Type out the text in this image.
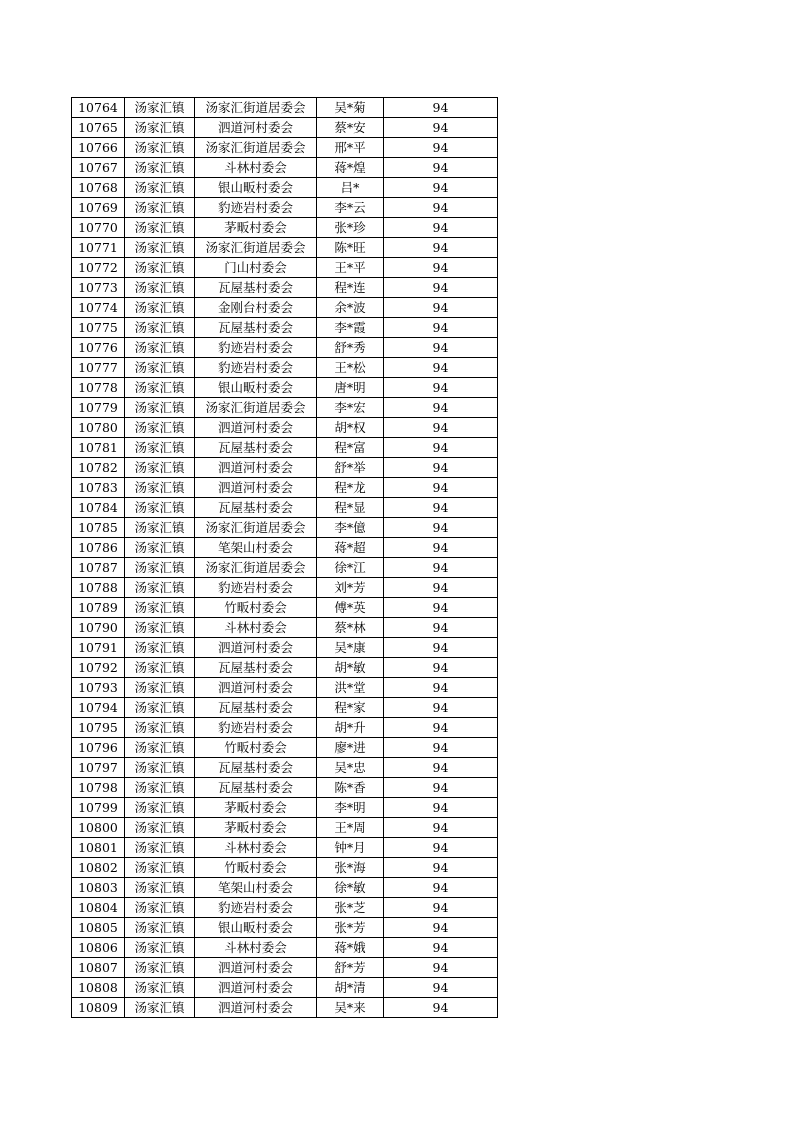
10764	汤家汇镇	汤家汇街道居委会	吴*菊	94
10765	汤家汇镇	泗道河村委会	蔡*安	94
10766	汤家汇镇	汤家汇街道居委会	邢*平	94
10767	汤家汇镇	斗林村委会	蒋*煌	94
10768	汤家汇镇	银山畈村委会	吕*	94
10769	汤家汇镇	豹迹岩村委会	李*云	94
10770	汤家汇镇	茅畈村委会	张*珍	94
10771	汤家汇镇	汤家汇街道居委会	陈*旺	94
10772	汤家汇镇	门山村委会	王*平	94
10773	汤家汇镇	瓦屋基村委会	程*连	94
10774	汤家汇镇	金刚台村委会	余*波	94
10775	汤家汇镇	瓦屋基村委会	李*霞	94
10776	汤家汇镇	豹迹岩村委会	舒*秀	94
10777	汤家汇镇	豹迹岩村委会	王*松	94
10778	汤家汇镇	银山畈村委会	唐*明	94
10779	汤家汇镇	汤家汇街道居委会	李*宏	94
10780	汤家汇镇	泗道河村委会	胡*权	94
10781	汤家汇镇	瓦屋基村委会	程*富	94
10782	汤家汇镇	泗道河村委会	舒*举	94
10783	汤家汇镇	泗道河村委会	程*龙	94
10784	汤家汇镇	瓦屋基村委会	程*显	94
10785	汤家汇镇	汤家汇街道居委会	李*億	94
10786	汤家汇镇	笔架山村委会	蒋*超	94
10787	汤家汇镇	汤家汇街道居委会	徐*江	94
10788	汤家汇镇	豹迹岩村委会	刘*芳	94
10789	汤家汇镇	竹畈村委会	傅*英	94
10790	汤家汇镇	斗林村委会	蔡*林	94
10791	汤家汇镇	泗道河村委会	吴*康	94
10792	汤家汇镇	瓦屋基村委会	胡*敏	94
10793	汤家汇镇	泗道河村委会	洪*堂	94
10794	汤家汇镇	瓦屋基村委会	程*家	94
10795	汤家汇镇	豹迹岩村委会	胡*升	94
10796	汤家汇镇	竹畈村委会	廖*进	94
10797	汤家汇镇	瓦屋基村委会	吴*忠	94
10798	汤家汇镇	瓦屋基村委会	陈*香	94
10799	汤家汇镇	茅畈村委会	李*明	94
10800	汤家汇镇	茅畈村委会	王*周	94
10801	汤家汇镇	斗林村委会	钟*月	94
10802	汤家汇镇	竹畈村委会	张*海	94
10803	汤家汇镇	笔架山村委会	徐*敏	94
10804	汤家汇镇	豹迹岩村委会	张*芝	94
10805	汤家汇镇	银山畈村委会	张*芳	94
10806	汤家汇镇	斗林村委会	蒋*娥	94
10807	汤家汇镇	泗道河村委会	舒*芳	94
10808	汤家汇镇	泗道河村委会	胡*清	94
10809	汤家汇镇	泗道河村委会	吴*来	94
